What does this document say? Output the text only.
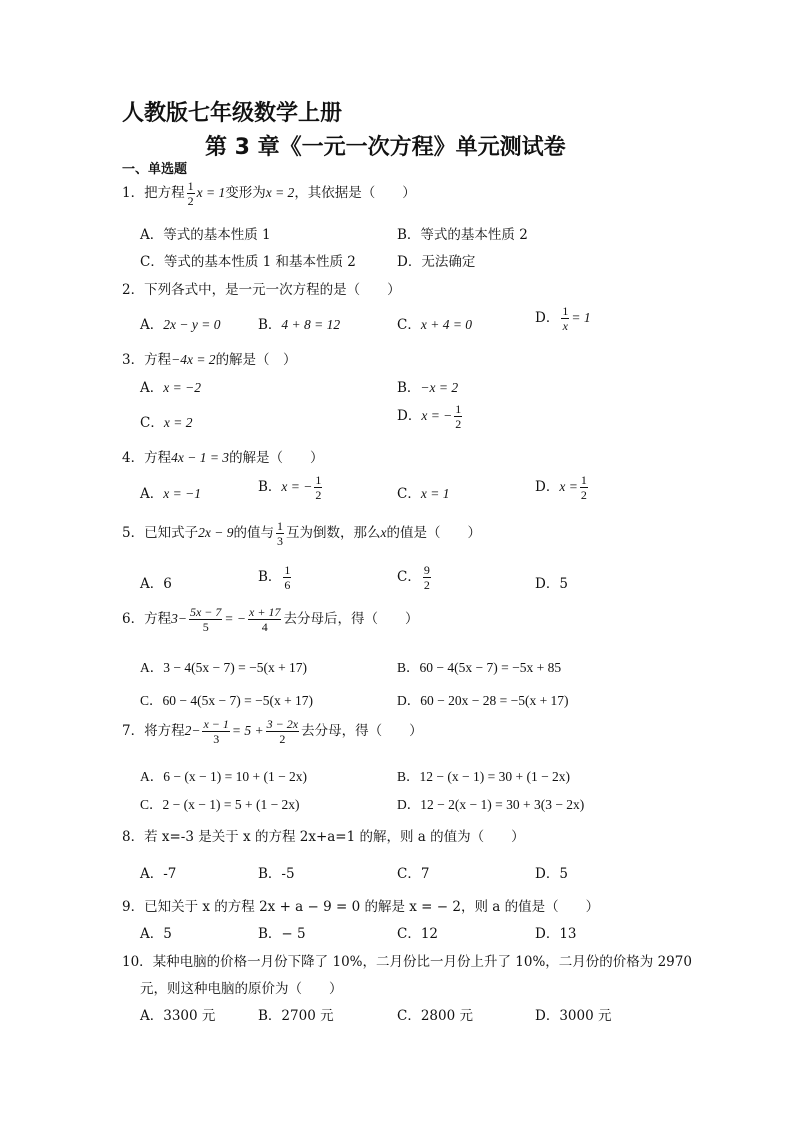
人教版七年级数学上册
第 3 章《一元一次方程》单元测试卷
一、单选题
1．把方程 $\frac{1}{2}$ x = 1变形为x = 2，其依据是（　　）
A．等式的基本性质 1	B．等式的基本性质 2
C．等式的基本性质 1 和基本性质 2	D．无法确定
2．下列各式中，是一元一次方程的是（　　）
A．2x − y = 0	B．4 + 8 = 12	C．x + 4 = 0	D． $\frac{1}{x} = 1$
3．方程−4x = 2的解是（　）
A．x = −2	B．−x = 2
C．x = 2	D．x = − $\frac{1}{2}$
4．方程4x − 1 = 3的解是（　　）
A．x = −1	B．x = − $\frac{1}{2}$	C．x = 1	D．$x = \frac{1}{2}$
5．已知式子2x − 9的值与 $\frac{1}{3}$ 互为倒数，那么x的值是（　　）
A．6	B． $\frac{1}{6}$	C． $\frac{9}{2}$	D．5
6．方程$3- \frac{5x - 7}{5}$ = − $\frac{x + 17}{4}$ 去分母后，得（　　）
A．3 − 4(5x − 7) = −5(x + 17)	B．60 − 4(5x − 7) = −5x + 85
C．60 − 4(5x − 7) = −5(x + 17)	D．60 − 20x − 28 = −5(x + 17)
7．将方程$2- \frac{x - 1}{3} = 5 + \frac{3 - 2x}{2}$ 去分母，得（　　）
A．6 − (x − 1) = 10 + (1 − 2x)	B．12 − (x − 1) = 30 + (1 − 2x)
C．2 − (x − 1) = 5 + (1 − 2x)	D．12 − 2(x − 1) = 30 + 3(3 − 2x)
8．若 x=-3 是关于 x 的方程 2x+a=1 的解，则 a 的值为（　　）
A．-7	B．-5	C．7	D．5
9．已知关于 x 的方程 2x + a − 9 = 0 的解是 x = − 2，则 a 的值是（　　）
A．5	B．− 5	C．12	D．13
10．某种电脑的价格一月份下降了 10%，二月份比一月份上升了 10%，二月份的价格为 2970
元，则这种电脑的原价为（　　）
A．3300 元	B．2700 元	C．2800 元	D．3000 元
